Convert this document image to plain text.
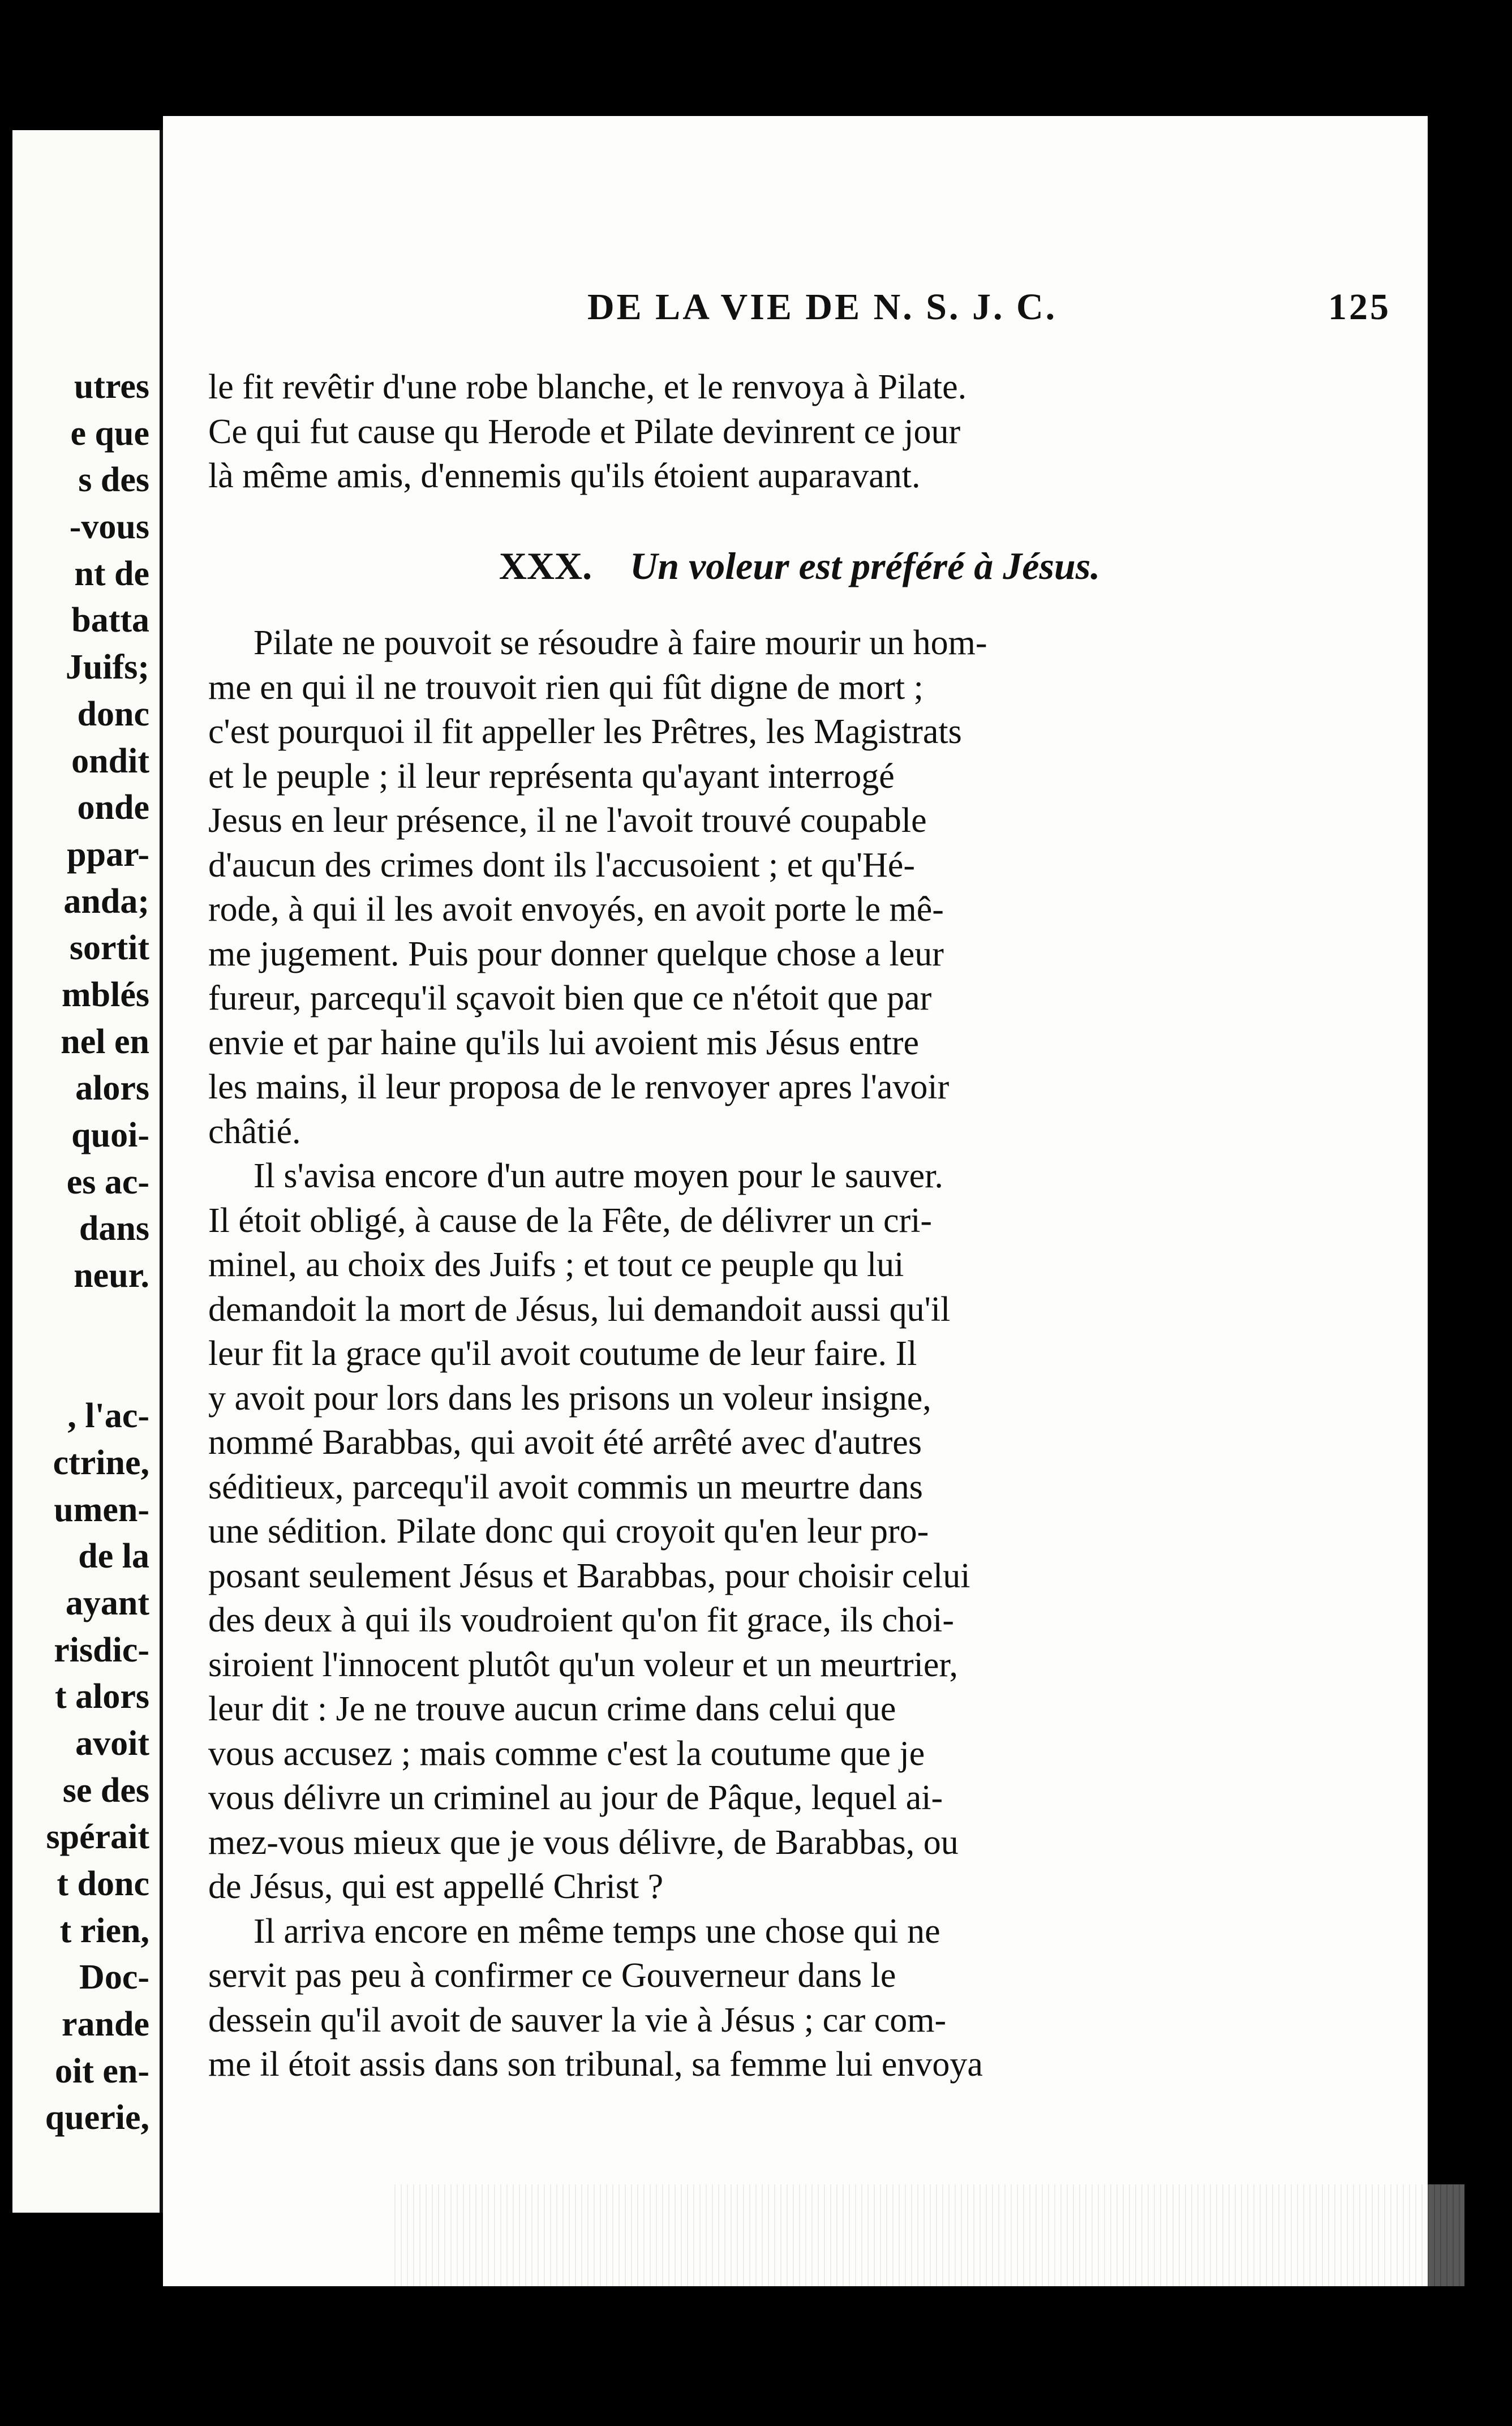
utres
e que
s des
-vous
nt de
batta
Juifs;
donc
ondit
onde
ppar-
anda;
sortit
mblés
nel en
alors
quoi-
es ac-
dans
neur.
, l'ac-
ctrine,
umen-
de la
ayant
risdic-
t alors
avoit
se des
spérait
t donc
t rien,
Doc-
rande
oit en-
querie,
DE LA VIE DE N. S. J. C.	125
le fit revêtir d'une robe blanche, et le renvoya à Pilate.
Ce qui fut cause qu Herode et Pilate devinrent ce jour
là même amis, d'ennemis qu'ils étoient auparavant.
XXX. Un voleur est préféré à Jésus.
Pilate ne pouvoit se résoudre à faire mourir un hom-
me en qui il ne trouvoit rien qui fût digne de mort ;
c'est pourquoi il fit appeller les Prêtres, les Magistrats
et le peuple ; il leur représenta qu'ayant interrogé
Jesus en leur présence, il ne l'avoit trouvé coupable
d'aucun des crimes dont ils l'accusoient ; et qu'Hé-
rode, à qui il les avoit envoyés, en avoit porte le mê-
me jugement. Puis pour donner quelque chose a leur
fureur, parcequ'il sçavoit bien que ce n'étoit que par
envie et par haine qu'ils lui avoient mis Jésus entre
les mains, il leur proposa de le renvoyer apres l'avoir
châtié.
Il s'avisa encore d'un autre moyen pour le sauver.
Il étoit obligé, à cause de la Fête, de délivrer un cri-
minel, au choix des Juifs ; et tout ce peuple qu lui
demandoit la mort de Jésus, lui demandoit aussi qu'il
leur fit la grace qu'il avoit coutume de leur faire. Il
y avoit pour lors dans les prisons un voleur insigne,
nommé Barabbas, qui avoit été arrêté avec d'autres
séditieux, parcequ'il avoit commis un meurtre dans
une sédition. Pilate donc qui croyoit qu'en leur pro-
posant seulement Jésus et Barabbas, pour choisir celui
des deux à qui ils voudroient qu'on fit grace, ils choi-
siroient l'innocent plutôt qu'un voleur et un meurtrier,
leur dit : Je ne trouve aucun crime dans celui que
vous accusez ; mais comme c'est la coutume que je
vous délivre un criminel au jour de Pâque, lequel ai-
mez-vous mieux que je vous délivre, de Barabbas, ou
de Jésus, qui est appellé Christ ?
Il arriva encore en même temps une chose qui ne
servit pas peu à confirmer ce Gouverneur dans le
dessein qu'il avoit de sauver la vie à Jésus ; car com-
me il étoit assis dans son tribunal, sa femme lui envoya
